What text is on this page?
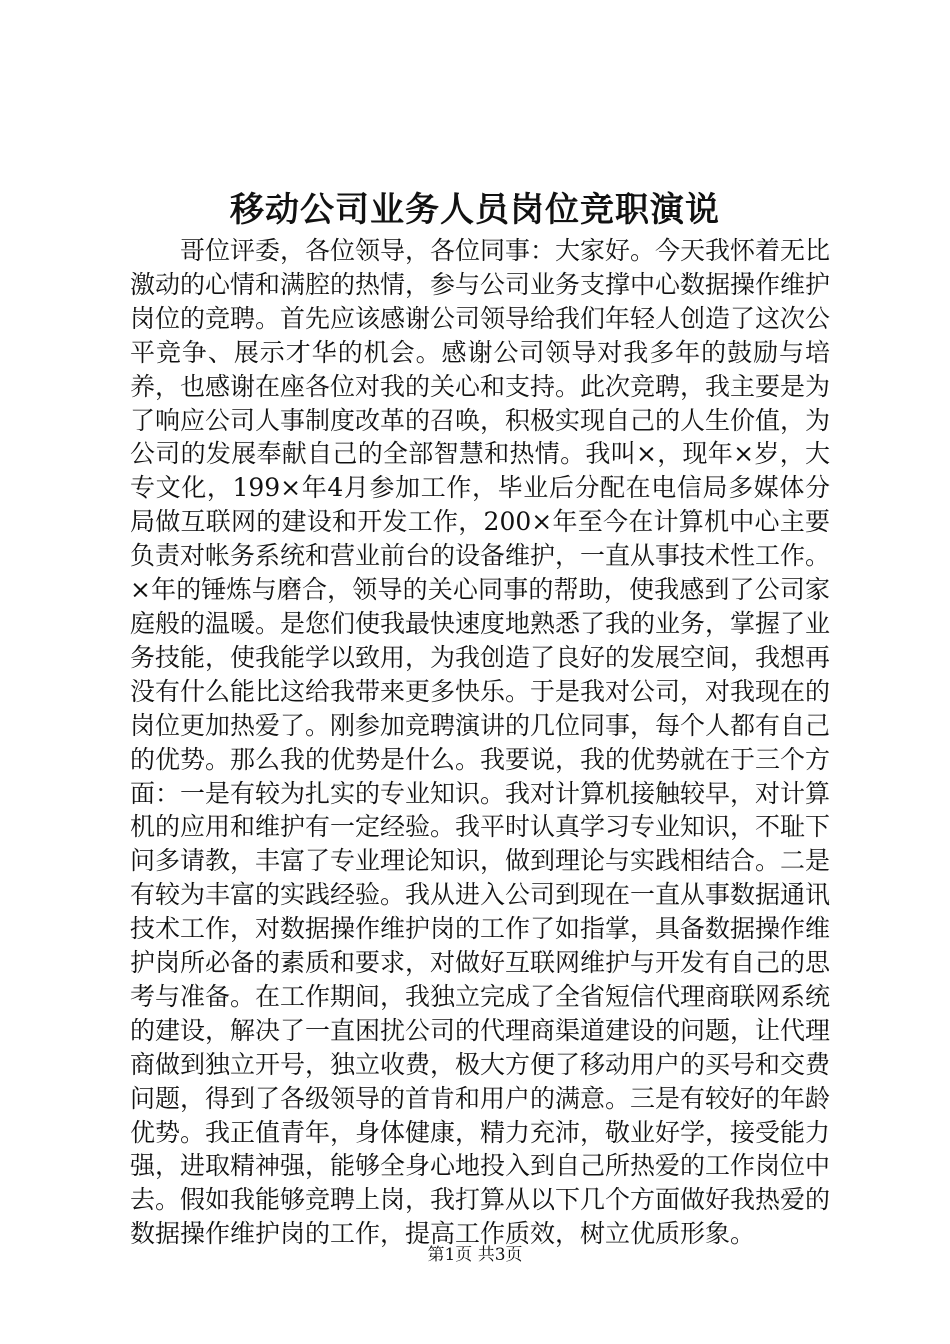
移动公司业务人员岗位竞职演说

哥位评委，各位领导，各位同事：大家好。今天我怀着无比激动的心情和满腔的热情，参与公司业务支撑中心数据操作维护岗位的竞聘。首先应该感谢公司领导给我们年轻人创造了这次公平竞争、展示才华的机会。感谢公司领导对我多年的鼓励与培养，也感谢在座各位对我的关心和支持。此次竞聘，我主要是为了响应公司人事制度改革的召唤，积极实现自己的人生价值，为公司的发展奉献自己的全部智慧和热情。我叫×，现年×岁，大专文化，199×年4月参加工作，毕业后分配在电信局多媒体分局做互联网的建设和开发工作，200×年至今在计算机中心主要负责对帐务系统和营业前台的设备维护，一直从事技术性工作。×年的锤炼与磨合，领导的关心同事的帮助，使我感到了公司家庭般的温暖。是您们使我最快速度地熟悉了我的业务，掌握了业务技能，使我能学以致用，为我创造了良好的发展空间，我想再没有什么能比这给我带来更多快乐。于是我对公司，对我现在的岗位更加热爱了。刚参加竞聘演讲的几位同事，每个人都有自己的优势。那么我的优势是什么。我要说，我的优势就在于三个方面：一是有较为扎实的专业知识。我对计算机接触较早，对计算机的应用和维护有一定经验。我平时认真学习专业知识，不耻下问多请教，丰富了专业理论知识，做到理论与实践相结合。二是有较为丰富的实践经验。我从进入公司到现在一直从事数据通讯技术工作，对数据操作维护岗的工作了如指掌，具备数据操作维护岗所必备的素质和要求，对做好互联网维护与开发有自己的思考与准备。在工作期间，我独立完成了全省短信代理商联网系统的建设，解决了一直困扰公司的代理商渠道建设的问题，让代理商做到独立开号，独立收费，极大方便了移动用户的买号和交费问题，得到了各级领导的首肯和用户的满意。三是有较好的年龄优势。我正值青年，身体健康，精力充沛，敬业好学，接受能力强，进取精神强，能够全身心地投入到自己所热爱的工作岗位中去。假如我能够竞聘上岗，我打算从以下几个方面做好我热爱的数据操作维护岗的工作，提高工作质效，树立优质形象。

第1页 共3页
